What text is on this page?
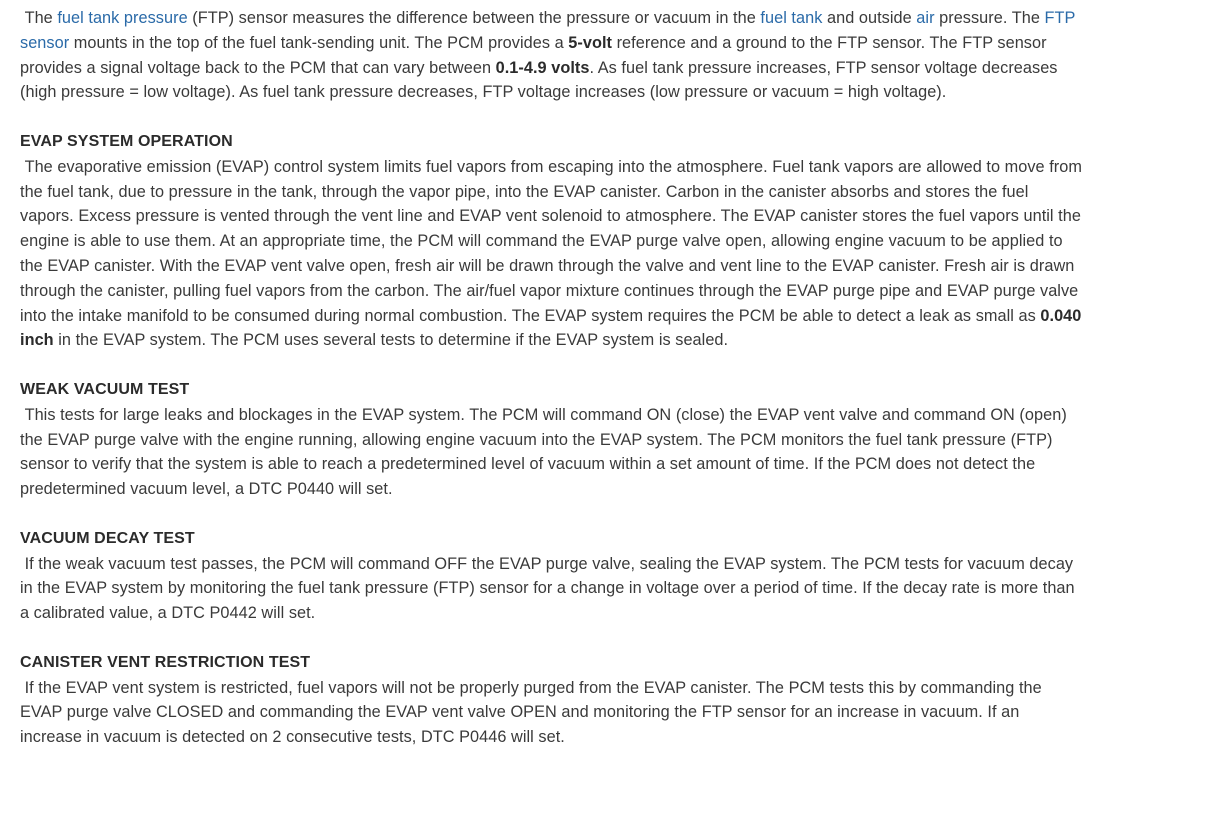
The fuel tank pressure (FTP) sensor measures the difference between the pressure or vacuum in the fuel tank and outside air pressure. The FTP sensor mounts in the top of the fuel tank-sending unit. The PCM provides a 5-volt reference and a ground to the FTP sensor. The FTP sensor provides a signal voltage back to the PCM that can vary between 0.1-4.9 volts. As fuel tank pressure increases, FTP sensor voltage decreases (high pressure = low voltage). As fuel tank pressure decreases, FTP voltage increases (low pressure or vacuum = high voltage).

EVAP SYSTEM OPERATION

The evaporative emission (EVAP) control system limits fuel vapors from escaping into the atmosphere. Fuel tank vapors are allowed to move from the fuel tank, due to pressure in the tank, through the vapor pipe, into the EVAP canister. Carbon in the canister absorbs and stores the fuel vapors. Excess pressure is vented through the vent line and EVAP vent solenoid to atmosphere. The EVAP canister stores the fuel vapors until the engine is able to use them. At an appropriate time, the PCM will command the EVAP purge valve open, allowing engine vacuum to be applied to the EVAP canister. With the EVAP vent valve open, fresh air will be drawn through the valve and vent line to the EVAP canister. Fresh air is drawn through the canister, pulling fuel vapors from the carbon. The air/fuel vapor mixture continues through the EVAP purge pipe and EVAP purge valve into the intake manifold to be consumed during normal combustion. The EVAP system requires the PCM be able to detect a leak as small as 0.040 inch in the EVAP system. The PCM uses several tests to determine if the EVAP system is sealed.

WEAK VACUUM TEST

This tests for large leaks and blockages in the EVAP system. The PCM will command ON (close) the EVAP vent valve and command ON (open) the EVAP purge valve with the engine running, allowing engine vacuum into the EVAP system. The PCM monitors the fuel tank pressure (FTP) sensor to verify that the system is able to reach a predetermined level of vacuum within a set amount of time. If the PCM does not detect the predetermined vacuum level, a DTC P0440 will set.

VACUUM DECAY TEST

If the weak vacuum test passes, the PCM will command OFF the EVAP purge valve, sealing the EVAP system. The PCM tests for vacuum decay in the EVAP system by monitoring the fuel tank pressure (FTP) sensor for a change in voltage over a period of time. If the decay rate is more than a calibrated value, a DTC P0442 will set.

CANISTER VENT RESTRICTION TEST

If the EVAP vent system is restricted, fuel vapors will not be properly purged from the EVAP canister. The PCM tests this by commanding the EVAP purge valve CLOSED and commanding the EVAP vent valve OPEN and monitoring the FTP sensor for an increase in vacuum. If an increase in vacuum is detected on 2 consecutive tests, DTC P0446 will set.
